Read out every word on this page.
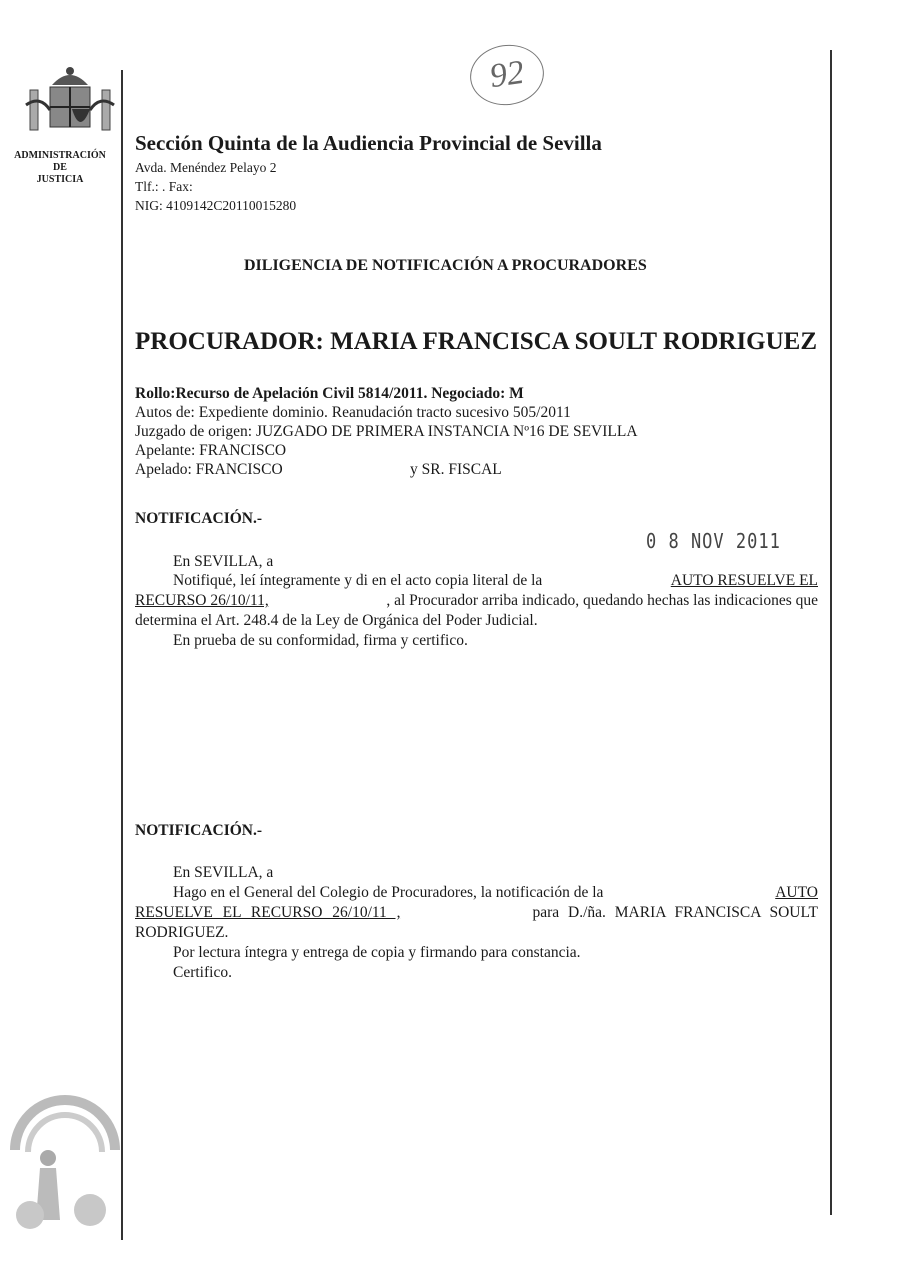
ADMINISTRACIÓN
DE
JUSTICIA
92
Sección Quinta de la Audiencia Provincial de Sevilla
Avda. Menéndez Pelayo 2
Tlf.: . Fax:
NIG: 4109142C20110015280
DILIGENCIA DE NOTIFICACIÓN A PROCURADORES
PROCURADOR: MARIA FRANCISCA SOULT RODRIGUEZ
Rollo:Recurso de Apelación Civil 5814/2011. Negociado: M
Autos de: Expediente dominio. Reanudación tracto sucesivo 505/2011
Juzgado de origen: JUZGADO DE PRIMERA INSTANCIA Nº16 DE SEVILLA
Apelante: FRANCISCO
Apelado: FRANCISCO	y SR. FISCAL
NOTIFICACIÓN.-
0 8 NOV 2011
En SEVILLA, a
Notifiqué, leí íntegramente y di en el acto copia literal de la	AUTO RESUELVE EL
RECURSO 26/10/11,	, al Procurador arriba indicado, quedando hechas las indicaciones que
determina el Art. 248.4 de la Ley de Orgánica del Poder Judicial.
En prueba de su conformidad, firma y certifico.
NOTIFICACIÓN.-
En SEVILLA, a
Hago en el General del Colegio de Procuradores, la notificación de la	AUTO
RESUELVE EL RECURSO 26/10/11 ,	para D./ña. MARIA FRANCISCA SOULT
RODRIGUEZ.
Por lectura íntegra y entrega de copia y firmando para constancia.
Certifico.
